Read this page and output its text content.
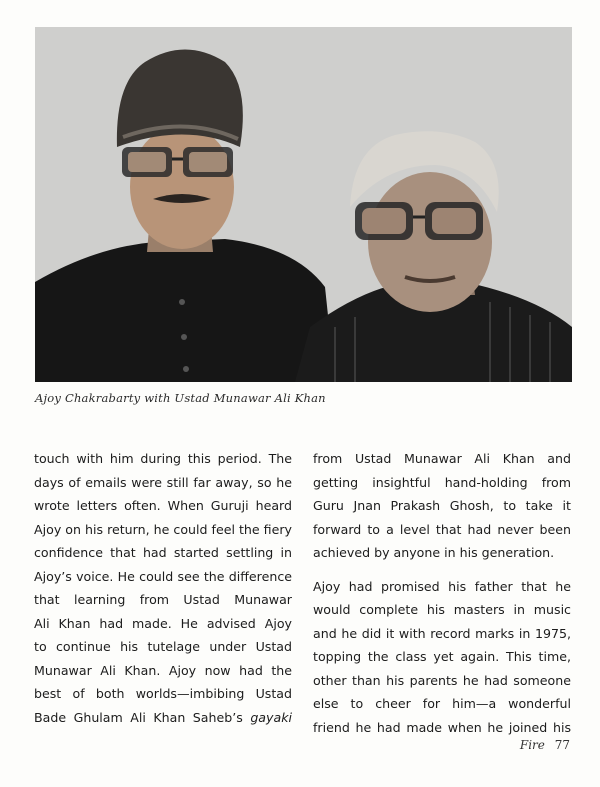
Ajoy Chakrabarty with Ustad Munawar Ali Khan

touch with him during this period. The
days of emails were still far away, so he
wrote letters often. When Guruji heard
Ajoy on his return, he could feel the fiery
confidence that had started settling in
Ajoy’s voice. He could see the difference
that learning from Ustad Munawar
Ali Khan had made. He advised Ajoy
to continue his tutelage under Ustad
Munawar Ali Khan. Ajoy now had the
best of both worlds—imbibing Ustad
Bade Ghulam Ali Khan Saheb’s gayaki

from Ustad Munawar Ali Khan and
getting insightful hand-holding from
Guru Jnan Prakash Ghosh, to take it
forward to a level that had never been
achieved by anyone in his generation.

Ajoy had promised his father that he
would complete his masters in music
and he did it with record marks in 1975,
topping the class yet again. This time,
other than his parents he had someone
else to cheer for him—a wonderful
friend he had made when he joined his

Fire 77
